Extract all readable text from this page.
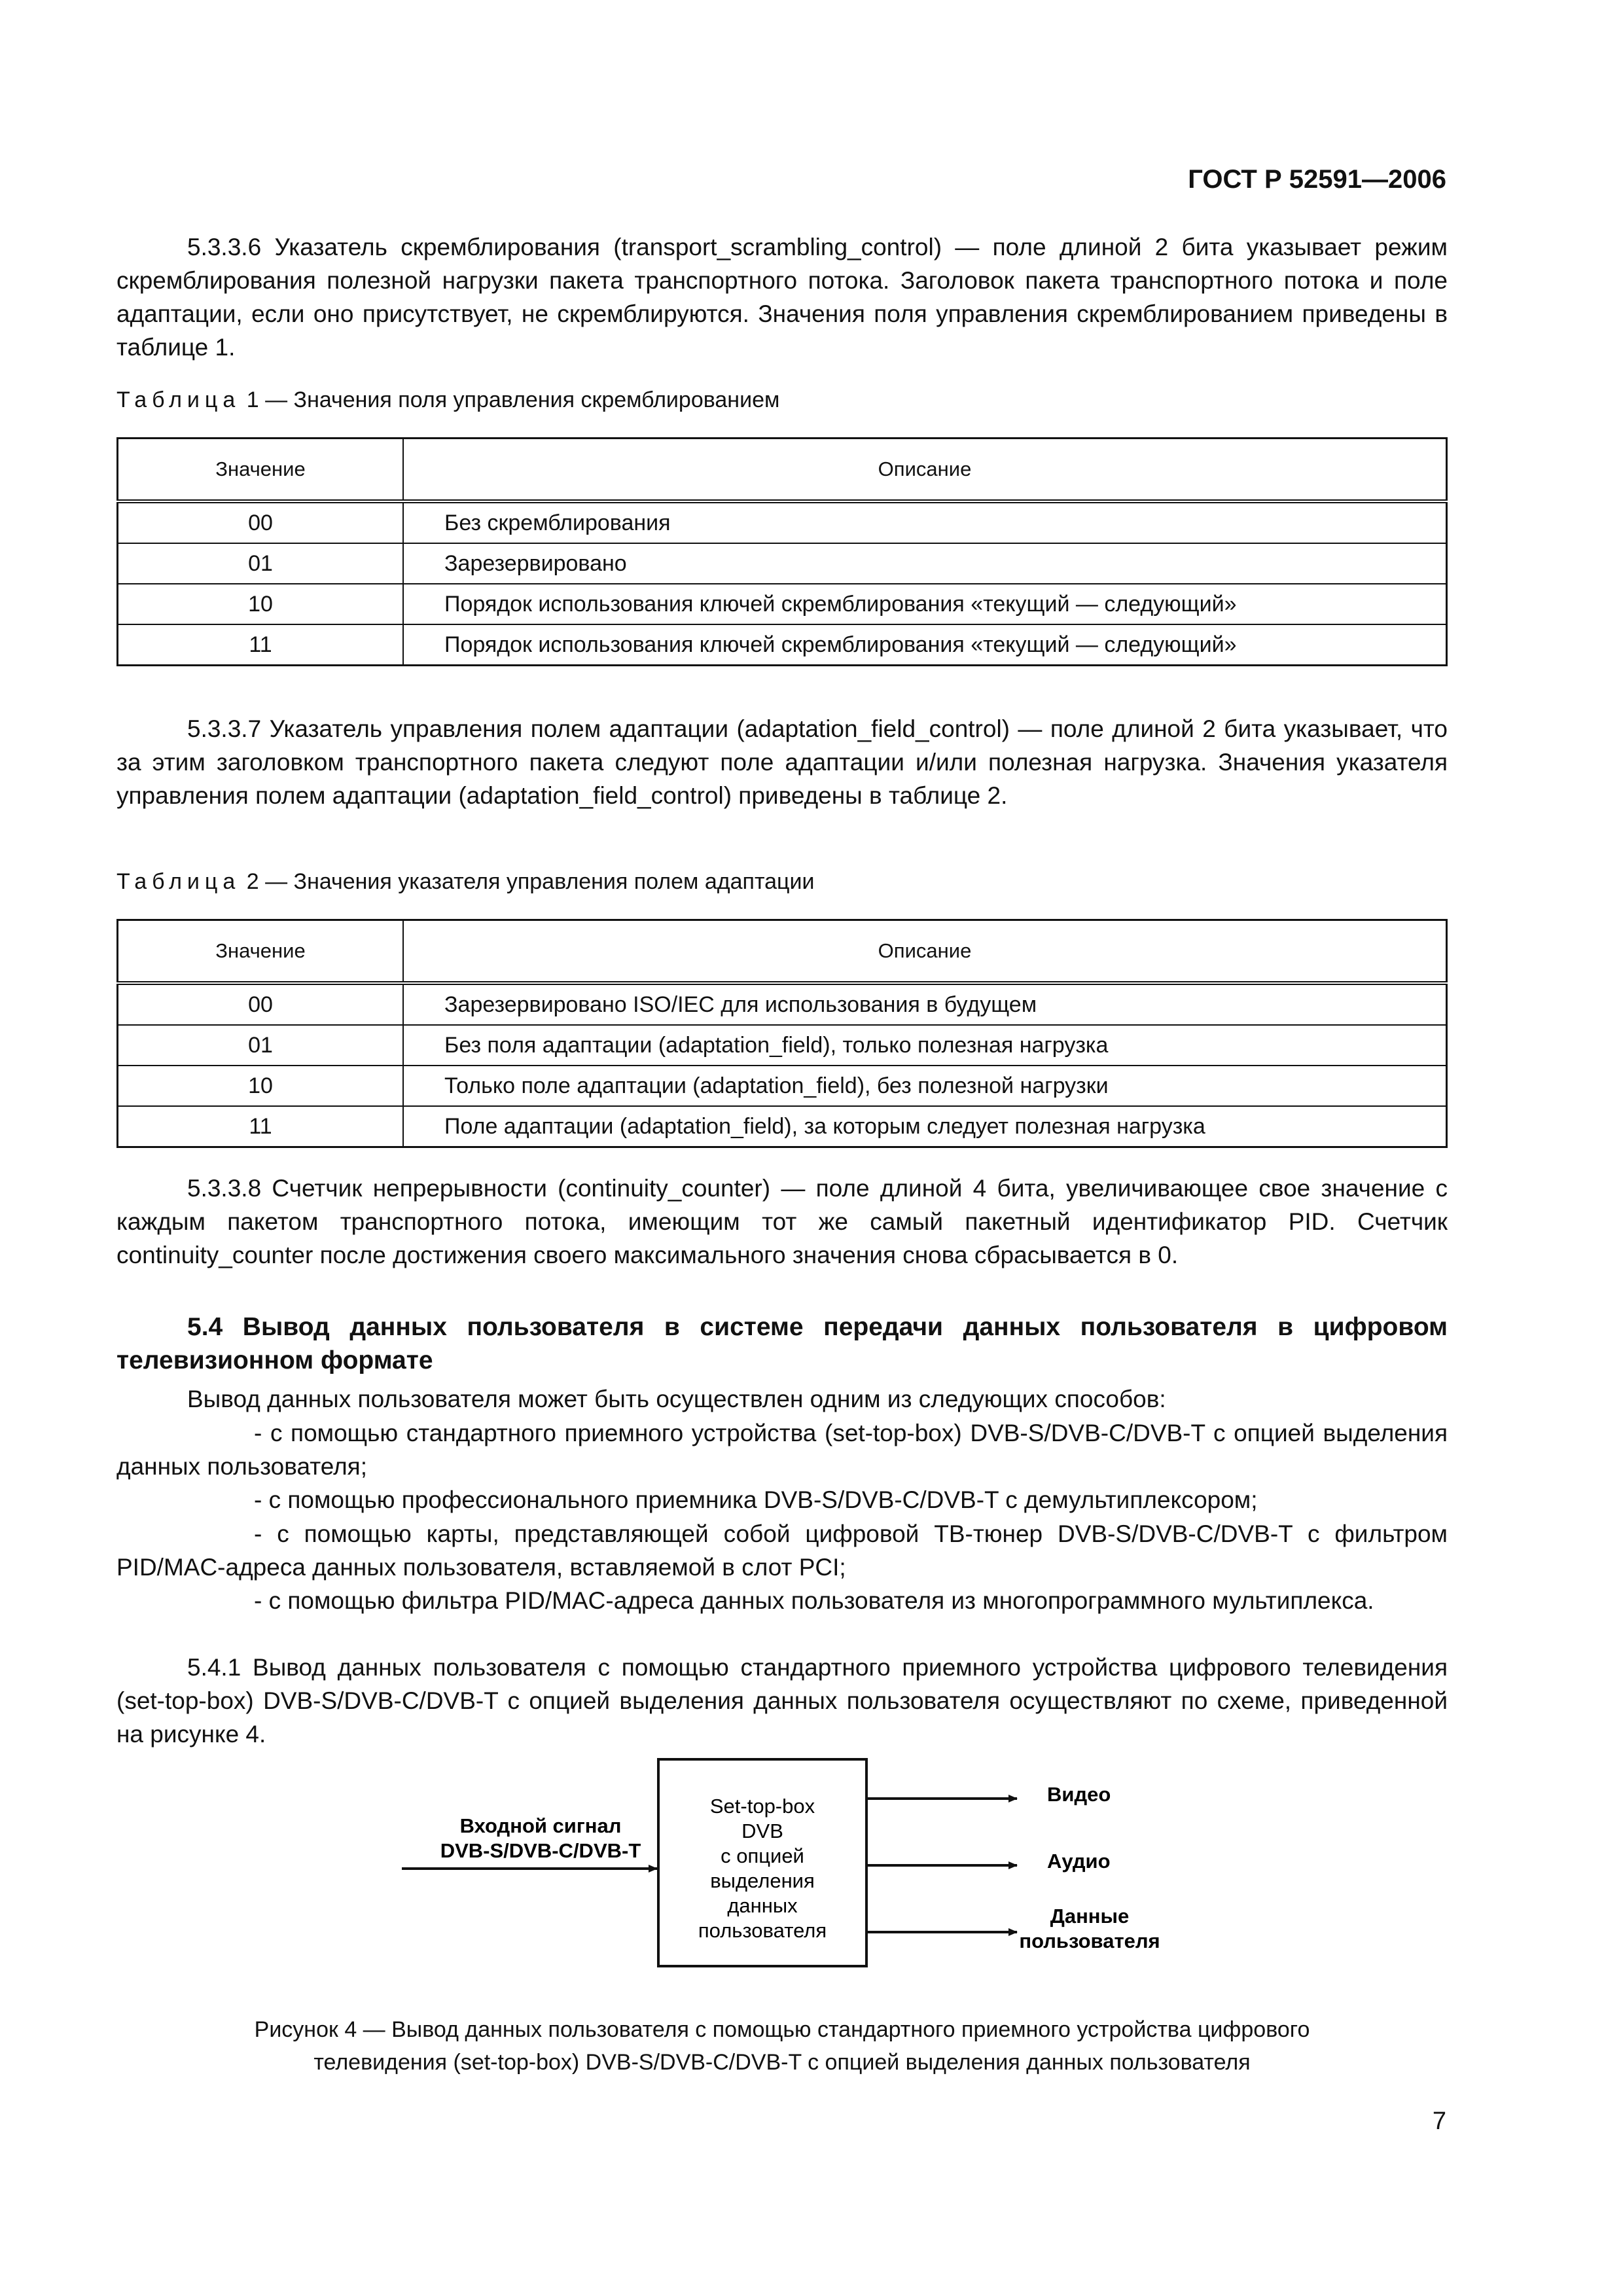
ГОСТ Р 52591—2006

5.3.3.6 Указатель скремблирования (transport_scrambling_control) — поле длиной 2 бита указывает режим скремблирования полезной нагрузки пакета транспортного потока. Заголовок пакета транспортного потока и поле адаптации, если оно присутствует, не скремблируются. Значения поля управления скремблированием приведены в таблице 1.

Таблица 1 — Значения поля управления скремблированием
Значение	Описание
00	Без скремблирования
01	Зарезервировано
10	Порядок использования ключей скремблирования «текущий — следующий»
11	Порядок использования ключей скремблирования «текущий — следующий»

5.3.3.7 Указатель управления полем адаптации (adaptation_field_control) — поле длиной 2 бита указывает, что за этим заголовком транспортного пакета следуют поле адаптации и/или полезная нагрузка. Значения указателя управления полем адаптации (adaptation_field_control) приведены в таблице 2.

Таблица 2 — Значения указателя управления полем адаптации
Значение	Описание
00	Зарезервировано ISO/IEC для использования в будущем
01	Без поля адаптации (adaptation_field), только полезная нагрузка
10	Только поле адаптации (adaptation_field), без полезной нагрузки
11	Поле адаптации (adaptation_field), за которым следует полезная нагрузка

5.3.3.8 Счетчик непрерывности (continuity_counter) — поле длиной 4 бита, увеличивающее свое значение с каждым пакетом транспортного потока, имеющим тот же самый пакетный идентификатор PID. Счетчик continuity_counter после достижения своего максимального значения снова сбрасывается в 0.

5.4 Вывод данных пользователя в системе передачи данных пользователя в цифровом телевизионном формате

Вывод данных пользователя может быть осуществлен одним из следующих способов:

- с помощью стандартного приемного устройства (set-top-box) DVB-S/DVB-C/DVB-T с опцией выделения данных пользователя;

- с помощью профессионального приемника DVB-S/DVB-C/DVB-T с демультиплексором;

- с помощью карты, представляющей собой цифровой ТВ-тюнер DVB-S/DVB-C/DVB-T с фильтром PID/MAC-адреса данных пользователя, вставляемой в слот PCI;

- с помощью фильтра PID/MAC-адреса данных пользователя из многопрограммного мультиплекса.

5.4.1 Вывод данных пользователя с помощью стандартного приемного устройства цифрового телевидения (set-top-box) DVB-S/DVB-C/DVB-T с опцией выделения данных пользователя осуществляют по схеме, приведенной на рисунке 4.

Входной сигнал
DVB-S/DVB-C/DVB-T
Set-top-box
DVB
с опцией
выделения
данных
пользователя
Видео
Аудио
Данные
пользователя
Рисунок 4 — Вывод данных пользователя с помощью стандартного приемного устройства цифрового
телевидения (set-top-box) DVB-S/DVB-C/DVB-T с опцией выделения данных пользователя
7
